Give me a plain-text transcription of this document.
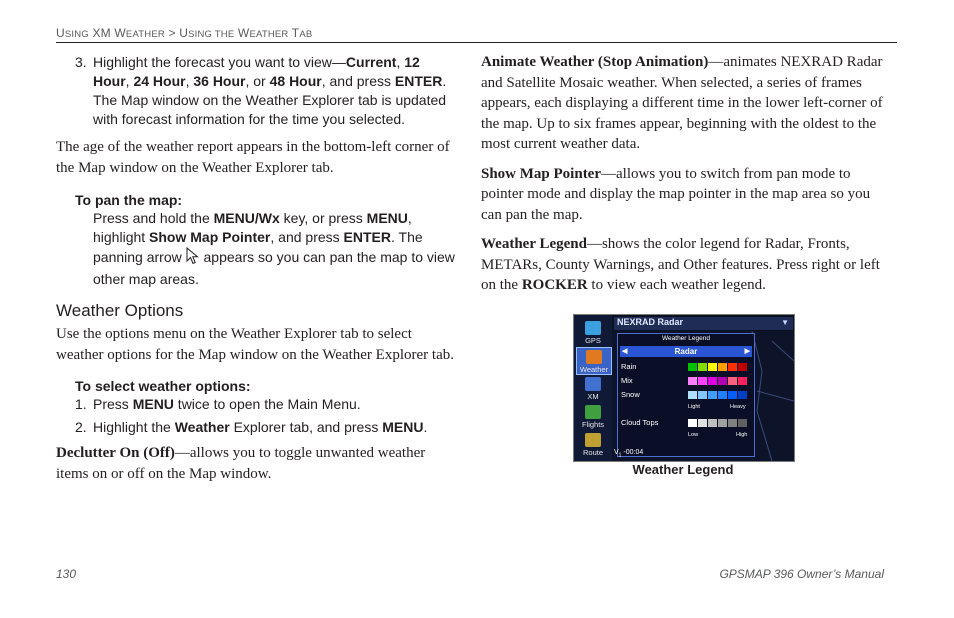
USING XM WEATHER > USING THE WEATHER TAB

3. Highlight the forecast you want to view—Current, 12 Hour, 24 Hour, 36 Hour, or 48 Hour, and press ENTER. The Map window on the Weather Explorer tab is updated with forecast information for the time you selected.

The age of the weather report appears in the bottom-left corner of the Map window on the Weather Explorer tab.

To pan the map:

Press and hold the MENU/Wx key, or press MENU, highlight Show Map Pointer, and press ENTER. The panning arrow  appears so you can pan the map to view other map areas.

Weather Options

Use the options menu on the Weather Explorer tab to select weather options for the Map window on the Weather Explorer tab.

To select weather options:

1. Press MENU twice to open the Main Menu.

2. Highlight the Weather Explorer tab, and press MENU.

Declutter On (Off)—allows you to toggle unwanted weather items on or off on the Map window.

Animate Weather (Stop Animation)—animates NEXRAD Radar and Satellite Mosaic weather. When selected, a series of frames appears, each displaying a different time in the lower left-corner of the map. Up to six frames appear, beginning with the oldest to the most current weather data.

Show Map Pointer—allows you to switch from pan mode to pointer mode and display the map pointer in the map area so you can pan the map.

Weather Legend—shows the color legend for Radar, Fronts, METARs, County Warnings, and Other features. Press right or left on the ROCKER to view each weather legend.

GPS
Weather
XM
Flights
Route
NEXRAD Radar	▼
Weather Legend
◀	Radar	▶
Rain
Mix
Snow
Light	Heavy
Cloud Tops
Low	High
$V_1$ -00:04
Weather Legend
130	GPSMAP 396 Owner’s Manual
